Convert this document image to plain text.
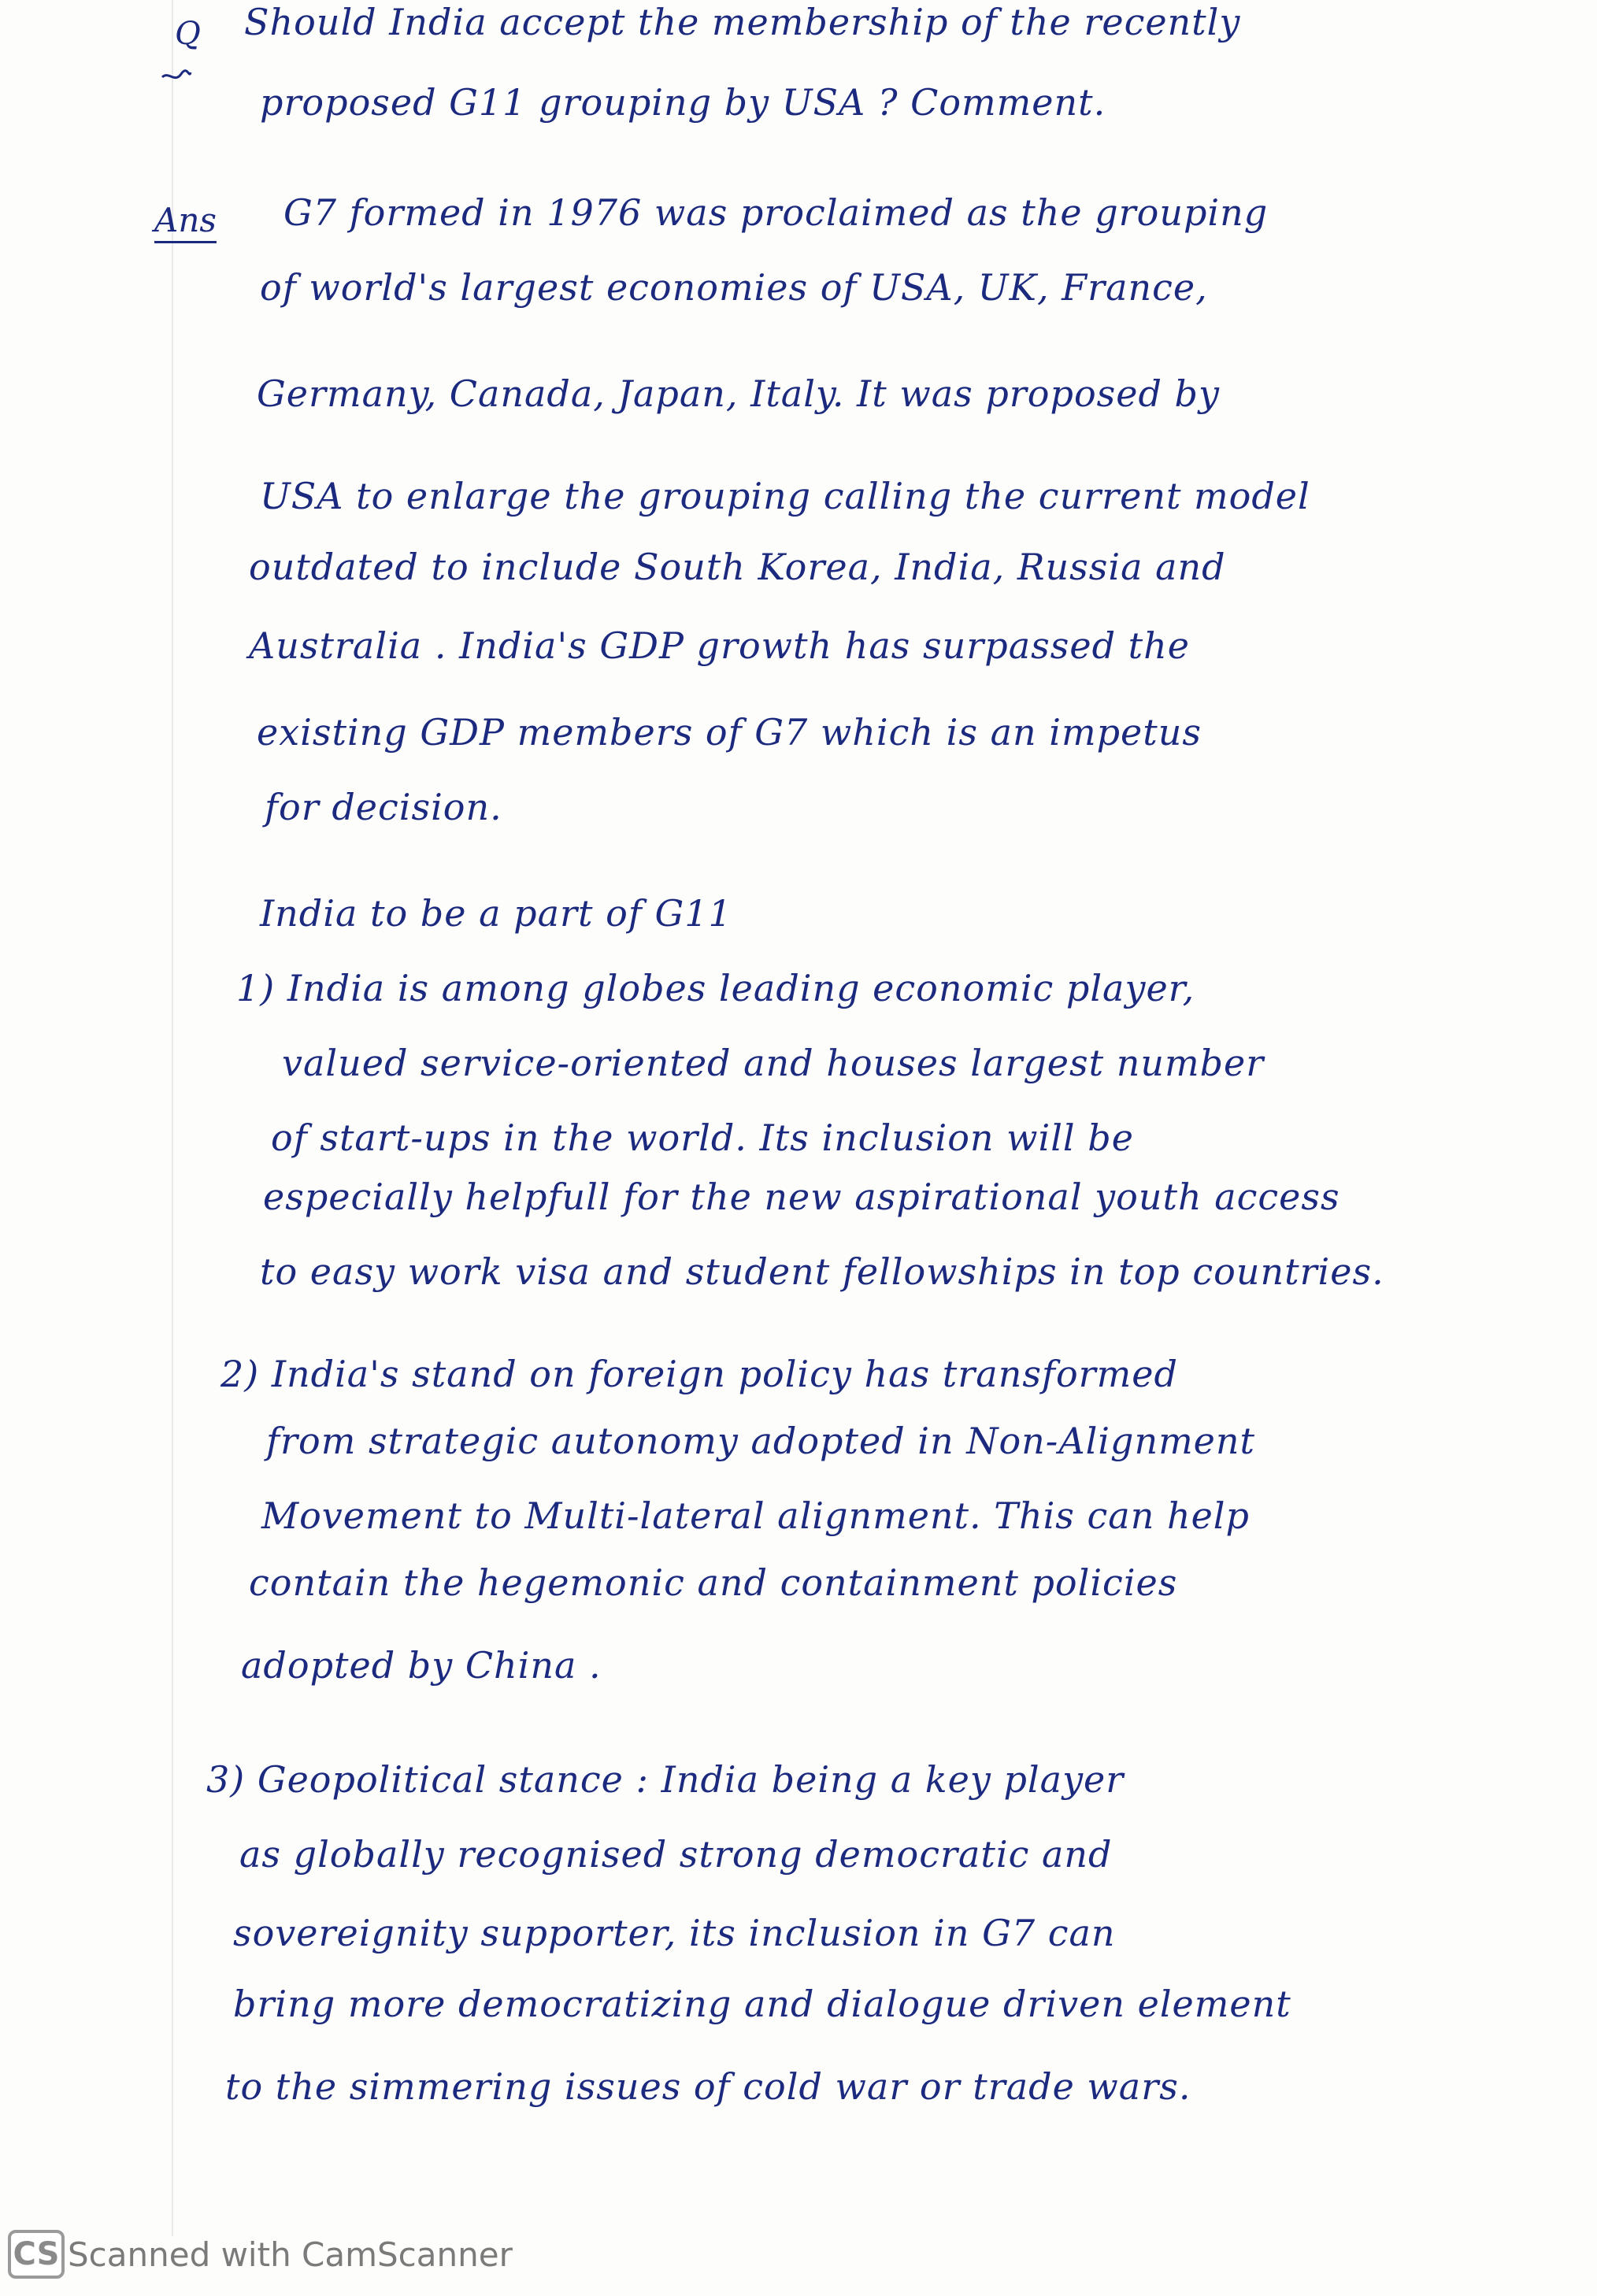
Q Should India accept the membership of the recently
proposed G11 grouping by USA ? Comment.
Ans G7 formed in 1976 was proclaimed as the grouping
of world's largest economies of USA, UK, France,
Germany, Canada, Japan, Italy. It was proposed by
USA to enlarge the grouping calling the current model
outdated to include South Korea, India, Russia and
Australia . India's GDP growth has surpassed the
existing GDP members of G7 which is an impetus
for decision.
India to be a part of G11
1) India is among globes leading economic player,
valued service-oriented and houses largest number
of start-ups in the world. Its inclusion will be
especially helpfull for the new aspirational youth access
to easy work visa and student fellowships in top countries.
2) India's stand on foreign policy has transformed
from strategic autonomy adopted in Non-Alignment
Movement to Multi-lateral alignment. This can help
contain the hegemonic and containment policies
adopted by China .
3) Geopolitical stance : India being a key player
as globally recognised strong democratic and
sovereignity supporter, its inclusion in G7 can
bring more democratizing and dialogue driven element
to the simmering issues of cold war or trade wars.
CS Scanned with CamScanner
